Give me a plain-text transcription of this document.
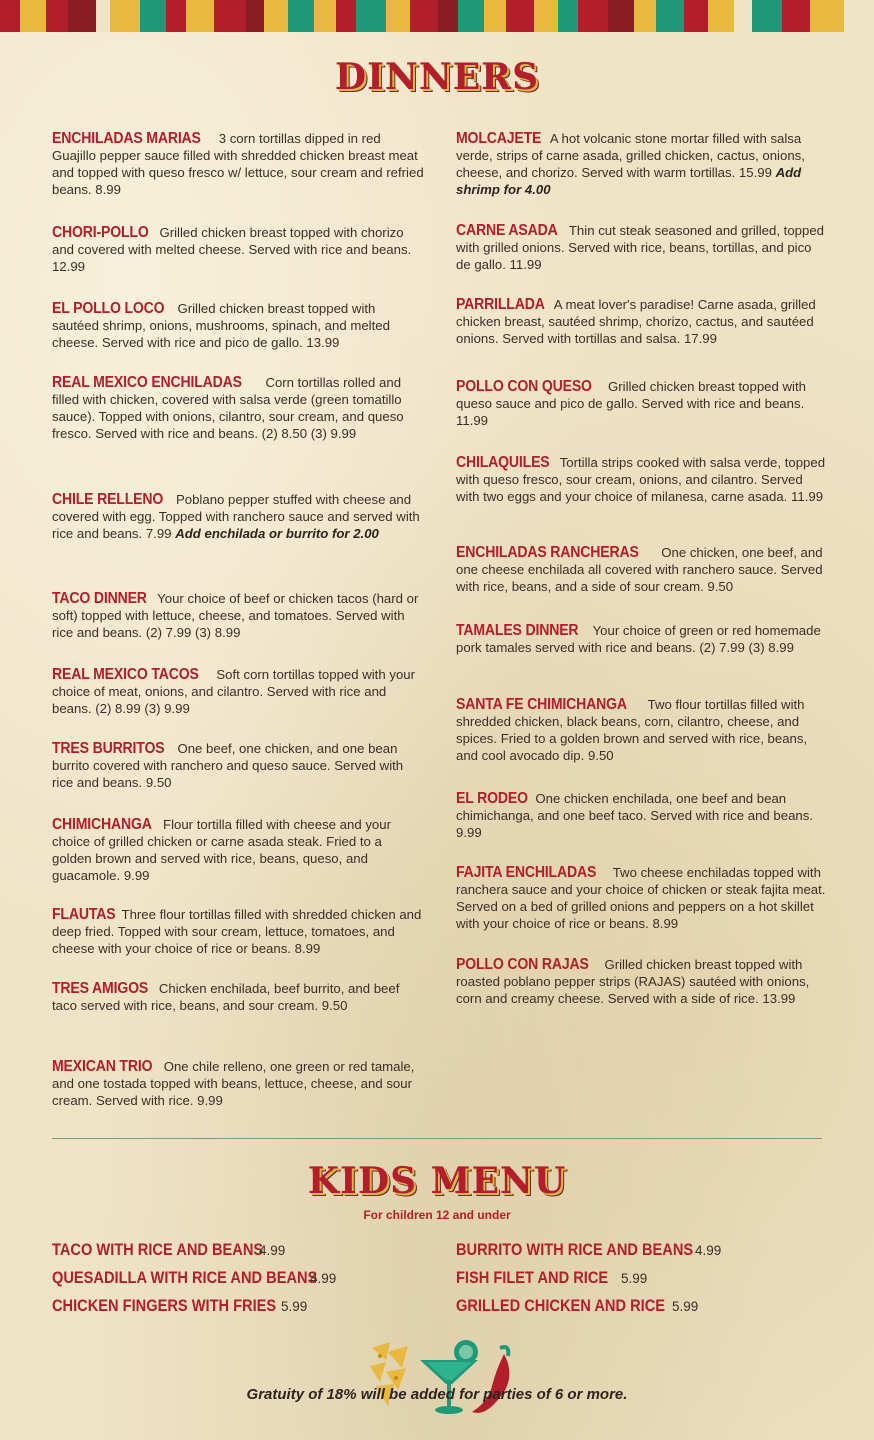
DINNERS
ENCHILADAS MARIAS 3 corn tortillas dipped in red Guajillo pepper sauce filled with shredded chicken breast meat and topped with queso fresco w/ lettuce, sour cream and refried beans. 8.99
CHORI-POLLO Grilled chicken breast topped with chorizo and covered with melted cheese. Served with rice and beans. 12.99
EL POLLO LOCO Grilled chicken breast topped with sautéed shrimp, onions, mushrooms, spinach, and melted cheese. Served with rice and pico de gallo. 13.99
REAL MEXICO ENCHILADAS Corn tortillas rolled and filled with chicken, covered with salsa verde (green tomatillo sauce). Topped with onions, cilantro, sour cream, and queso fresco. Served with rice and beans. (2) 8.50 (3) 9.99
CHILE RELLENO Poblano pepper stuffed with cheese and covered with egg. Topped with ranchero sauce and served with rice and beans. 7.99 Add enchilada or burrito for 2.00
TACO DINNER Your choice of beef or chicken tacos (hard or soft) topped with lettuce, cheese, and tomatoes. Served with rice and beans. (2) 7.99 (3) 8.99
REAL MEXICO TACOS Soft corn tortillas topped with your choice of meat, onions, and cilantro. Served with rice and beans. (2) 8.99 (3) 9.99
TRES BURRITOS One beef, one chicken, and one bean burrito covered with ranchero and queso sauce. Served with rice and beans. 9.50
CHIMICHANGA Flour tortilla filled with cheese and your choice of grilled chicken or carne asada steak. Fried to a golden brown and served with rice, beans, queso, and guacamole. 9.99
FLAUTAS Three flour tortillas filled with shredded chicken and deep fried. Topped with sour cream, lettuce, tomatoes, and cheese with your choice of rice or beans. 8.99
TRES AMIGOS Chicken enchilada, beef burrito, and beef taco served with rice, beans, and sour cream. 9.50
MEXICAN TRIO One chile relleno, one green or red tamale, and one tostada topped with beans, lettuce, cheese, and sour cream. Served with rice. 9.99
MOLCAJETE A hot volcanic stone mortar filled with salsa verde, strips of carne asada, grilled chicken, cactus, onions, cheese, and chorizo. Served with warm tortillas. 15.99 Add shrimp for 4.00
CARNE ASADA Thin cut steak seasoned and grilled, topped with grilled onions. Served with rice, beans, tortillas, and pico de gallo. 11.99
PARRILLADA A meat lover's paradise! Carne asada, grilled chicken breast, sautéed shrimp, chorizo, cactus, and sautéed onions. Served with tortillas and salsa. 17.99
POLLO CON QUESO Grilled chicken breast topped with queso sauce and pico de gallo. Served with rice and beans. 11.99
CHILAQUILES Tortilla strips cooked with salsa verde, topped with queso fresco, sour cream, onions, and cilantro. Served with two eggs and your choice of milanesa, carne asada. 11.99
ENCHILADAS RANCHERAS One chicken, one beef, and one cheese enchilada all covered with ranchero sauce. Served with rice, beans, and a side of sour cream. 9.50
TAMALES DINNER Your choice of green or red homemade pork tamales served with rice and beans. (2) 7.99 (3) 8.99
SANTA FE CHIMICHANGA Two flour tortillas filled with shredded chicken, black beans, corn, cilantro, cheese, and spices. Fried to a golden brown and served with rice, beans, and cool avocado dip. 9.50
EL RODEO One chicken enchilada, one beef and bean chimichanga, and one beef taco. Served with rice and beans. 9.99
FAJITA ENCHILADAS Two cheese enchiladas topped with ranchera sauce and your choice of chicken or steak fajita meat. Served on a bed of grilled onions and peppers on a hot skillet with your choice of rice or beans. 8.99
POLLO CON RAJAS Grilled chicken breast topped with roasted poblano pepper strips (RAJAS) sautéed with onions, corn and creamy cheese. Served with a side of rice. 13.99
KIDS MENU
For children 12 and under
TACO WITH RICE AND BEANS
4.99
QUESADILLA WITH RICE AND BEANS
4.99
CHICKEN FINGERS WITH FRIES 5.99
BURRITO WITH RICE AND BEANS 4.99
FISH FILET AND RICE 5.99
GRILLED CHICKEN AND RICE 5.99
Gratuity of 18% will be added for parties of 6 or more.
